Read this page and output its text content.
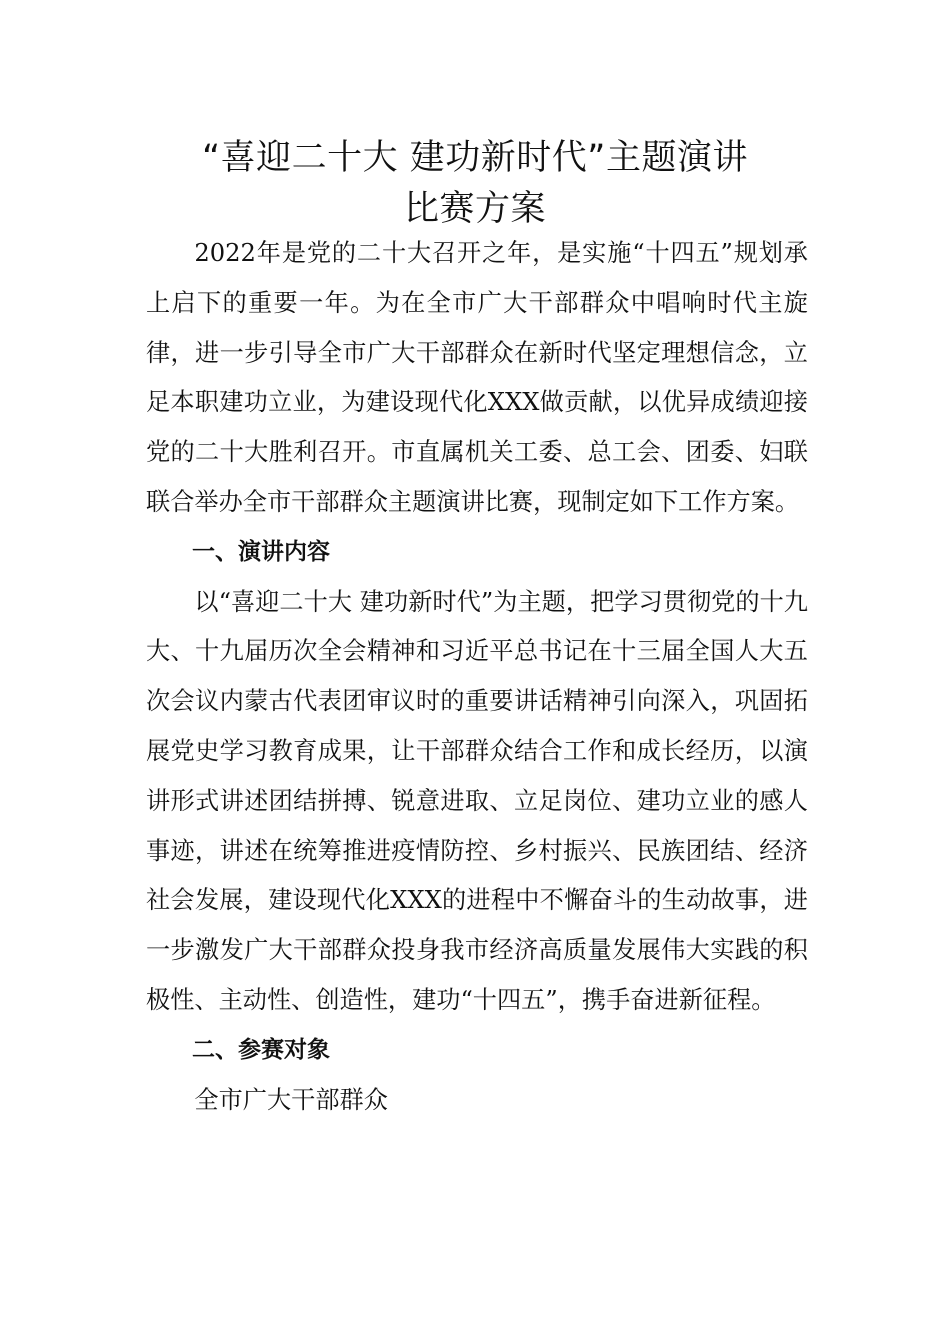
“喜迎二十大 建功新时代”主题演讲
比赛方案

2022年是党的二十大召开之年，是实施“十四五”规划承上启下的重要一年。为在全市广大干部群众中唱响时代主旋律，进一步引导全市广大干部群众在新时代坚定理想信念，立足本职建功立业，为建设现代化XXX做贡献，以优异成绩迎接党的二十大胜利召开。市直属机关工委、总工会、团委、妇联联合举办全市干部群众主题演讲比赛，现制定如下工作方案。

一、演讲内容

以“喜迎二十大 建功新时代”为主题，把学习贯彻党的十九大、十九届历次全会精神和习近平总书记在十三届全国人大五次会议内蒙古代表团审议时的重要讲话精神引向深入，巩固拓展党史学习教育成果，让干部群众结合工作和成长经历，以演讲形式讲述团结拼搏、锐意进取、立足岗位、建功立业的感人事迹，讲述在统筹推进疫情防控、乡村振兴、民族团结、经济社会发展，建设现代化XXX的进程中不懈奋斗的生动故事，进一步激发广大干部群众投身我市经济高质量发展伟大实践的积极性、主动性、创造性，建功“十四五”，携手奋进新征程。

二、参赛对象

全市广大干部群众
